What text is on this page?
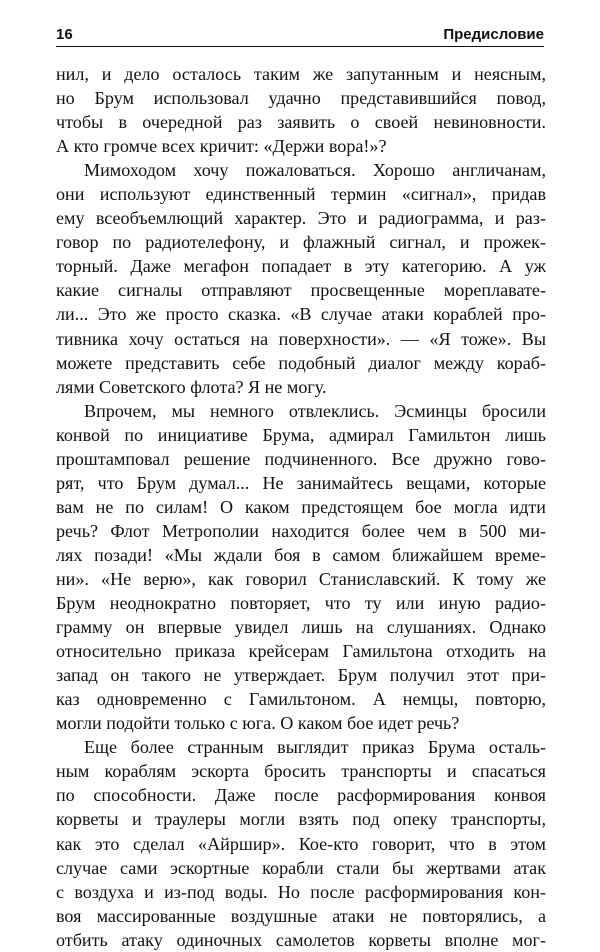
16	Предисловие
нил, и дело осталось таким же запутанным и неясным,
но Брум использовал удачно представившийся повод,
чтобы в очередной раз заявить о своей невиновности.
А кто громче всех кричит: «Держи вора!»?
Мимоходом хочу пожаловаться. Хорошо англичанам,
они используют единственный термин «сигнал», придав
ему всеобъемлющий характер. Это и радиограмма, и раз-
говор по радиотелефону, и флажный сигнал, и прожек-
торный. Даже мегафон попадает в эту категорию. А уж
какие сигналы отправляют просвещенные мореплавате-
ли... Это же просто сказка. «В случае атаки кораблей про-
тивника хочу остаться на поверхности». — «Я тоже». Вы
можете представить себе подобный диалог между кораб-
лями Советского флота? Я не могу.
Впрочем, мы немного отвлеклись. Эсминцы бросили
конвой по инициативе Брума, адмирал Гамильтон лишь
проштамповал решение подчиненного. Все дружно гово-
рят, что Брум думал... Не занимайтесь вещами, которые
вам не по силам! О каком предстоящем бое могла идти
речь? Флот Метрополии находится более чем в 500 ми-
лях позади! «Мы ждали боя в самом ближайшем време-
ни». «Не верю», как говорил Станиславский. К тому же
Брум неоднократно повторяет, что ту или иную радио-
грамму он впервые увидел лишь на слушаниях. Однако
относительно приказа крейсерам Гамильтона отходить на
запад он такого не утверждает. Брум получил этот при-
каз одновременно с Гамильтоном. А немцы, повторю,
могли подойти только с юга. О каком бое идет речь?
Еще более странным выглядит приказ Брума осталь-
ным кораблям эскорта бросить транспорты и спасаться
по способности. Даже после расформирования конвоя
корветы и траулеры могли взять под опеку транспорты,
как это сделал «Айршир». Кое-кто говорит, что в этом
случае сами эскортные корабли стали бы жертвами атак
с воздуха и из-под воды. Но после расформирования кон-
воя массированные воздушные атаки не повторялись, а
отбить атаку одиночных самолетов корветы вполне мог-
